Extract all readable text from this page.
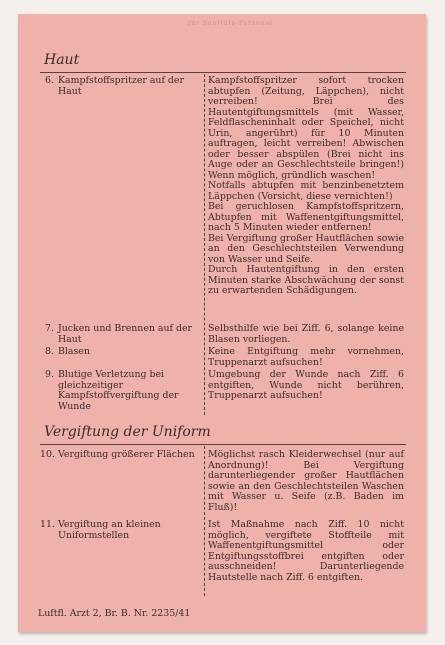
für Sanitäts-Personal
Haut
6. Kampfstoffspritzer auf der Haut
Kampfstoffspritzer sofort trocken abtupfen (Zeitung, Läppchen), nicht verreiben! Brei des Hautentgiftungsmittels (mit Wasser, Feldflascheninhalt oder Speichel, nicht Urin, angerührt) für 10 Minuten auftragen, leicht verreiben! Abwischen oder besser abspülen (Brei nicht ins Auge oder an Geschlechtsteile bringen!) Wenn möglich, gründlich waschen!
Notfalls abtupfen mit benzinbenetztem Läppchen (Vorsicht, diese vernichten!)
Bei geruchlosen Kampfstoffspritzern, Abtupfen mit Waffenentgiftungsmittel, nach 5 Minuten wieder entfernen!
Bei Vergiftung großer Hautflächen sowie an den Geschlechtsteilen Verwendung von Wasser und Seife.
Durch Hautentgiftung in den ersten Minuten starke Abschwächung der sonst zu erwartenden Schädigungen.
7. Jucken und Brennen auf der Haut
Selbsthilfe wie bei Ziff. 6, solange keine Blasen vorliegen.
8. Blasen	Keine Entgiftung mehr vornehmen, Truppenarzt aufsuchen!
9. Blutige Verletzung bei gleichzeitiger Kampfstoffvergiftung der Wunde
Umgebung der Wunde nach Ziff. 6 entgiften, Wunde nicht berühren, Truppenarzt aufsuchen!
Vergiftung der Uniform
10. Vergiftung größerer Flächen	Möglichst rasch Kleiderwechsel (nur auf Anordnung)! Bei Vergiftung darunterliegender großer Hautflächen sowie an den Geschlechtsteilen Waschen mit Wasser u. Seife (z.B. Baden im Fluß)!
11. Vergiftung an kleinen Uniformstellen
Ist Maßnahme nach Ziff. 10 nicht möglich, vergiftete Stoffteile mit Waffenentgiftungsmittel oder Entgiftungsstoffbrei entgiften oder ausschneiden! Darunterliegende Hautstelle nach Ziff. 6 entgiften.
Luftfl. Arzt 2, Br. B. Nr. 2235/41
